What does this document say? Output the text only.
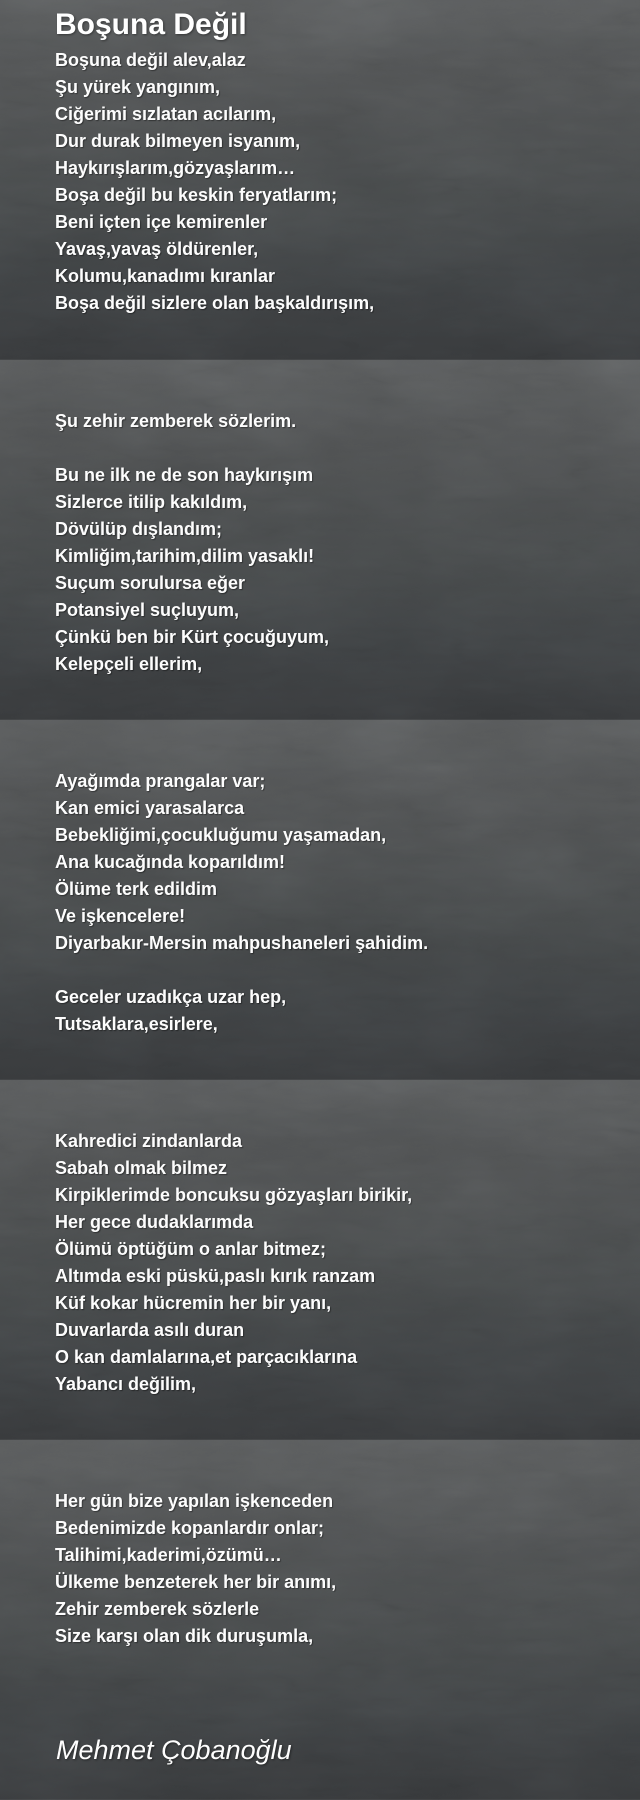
Boşuna Değil
Boşuna değil alev,alaz
Şu yürek yangınım,
Ciğerimi sızlatan acılarım,
Dur durak bilmeyen isyanım,
Haykırışlarım,gözyaşlarım…
Boşa değil bu keskin feryatlarım;
Beni içten içe kemirenler
Yavaş,yavaş öldürenler,
Kolumu,kanadımı kıranlar
Boşa değil sizlere olan başkaldırışım,
Şu zehir zemberek sözlerim.
Bu ne ilk ne de son haykırışım
Sizlerce itilip kakıldım,
Dövülüp dışlandım;
Kimliğim,tarihim,dilim yasaklı!
Suçum sorulursa eğer
Potansiyel suçluyum,
Çünkü ben bir Kürt çocuğuyum,
Kelepçeli ellerim,
Ayağımda prangalar var;
Kan emici yarasalarca
Bebekliğimi,çocukluğumu yaşamadan,
Ana kucağında koparıldım!
Ölüme terk edildim
Ve işkencelere!
Diyarbakır-Mersin mahpushaneleri şahidim.
Geceler uzadıkça uzar hep,
Tutsaklara,esirlere,
Kahredici zindanlarda
Sabah olmak bilmez
Kirpiklerimde boncuksu gözyaşları birikir,
Her gece dudaklarımda
Ölümü öptüğüm o anlar bitmez;
Altımda eski püskü,paslı kırık ranzam
Küf kokar hücremin her bir yanı,
Duvarlarda asılı duran
O kan damlalarına,et parçacıklarına
Yabancı değilim,
Her gün bize yapılan işkenceden
Bedenimizde kopanlardır onlar;
Talihimi,kaderimi,özümü…
Ülkeme benzeterek her bir anımı,
Zehir zemberek sözlerle
Size karşı olan dik duruşumla,
Mehmet Çobanoğlu
